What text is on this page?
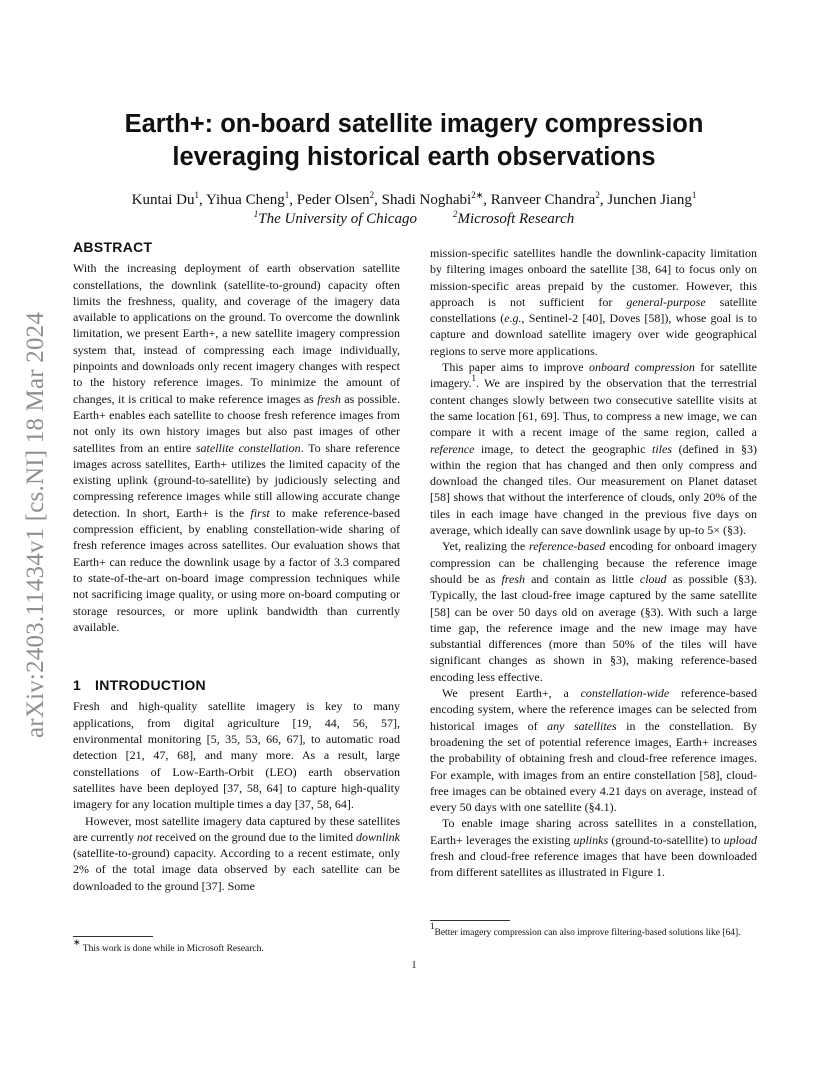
arXiv:2403.11434v1 [cs.NI] 18 Mar 2024
Earth+: on-board satellite imagery compression
leveraging historical earth observations
Kuntai Du$^1$, Yihua Cheng$^1$, Peder Olsen$^2$, Shadi Noghabi$^{2∗}$, Ranveer Chandra$^2$, Junchen Jiang$^1$
$^1$The University of Chicago	$^2$Microsoft Research
ABSTRACT

With the increasing deployment of earth observation satellite constellations, the downlink (satellite-to-ground) capacity often limits the freshness, quality, and coverage of the imagery data available to applications on the ground. To overcome the downlink limitation, we present Earth+, a new satellite imagery compression system that, instead of compressing each image individually, pinpoints and downloads only recent imagery changes with respect to the history reference images. To minimize the amount of changes, it is critical to make reference images as fresh as possible. Earth+ enables each satellite to choose fresh reference images from not only its own history images but also past images of other satellites from an entire satellite constellation. To share reference images across satellites, Earth+ utilizes the limited capacity of the existing uplink (ground-to-satellite) by judiciously selecting and compressing reference images while still allowing accurate change detection. In short, Earth+ is the first to make reference-based compression efficient, by enabling constellation-wide sharing of fresh reference images across satellites. Our evaluation shows that Earth+ can reduce the downlink usage by a factor of 3.3 compared to state-of-the-art on-board image compression techniques while not sacrificing image quality, or using more on-board computing or storage resources, or more uplink bandwidth than currently available.

1 INTRODUCTION

Fresh and high-quality satellite imagery is key to many applications, from digital agriculture [19, 44, 56, 57], environmental monitoring [5, 35, 53, 66, 67], to automatic road detection [21, 47, 68], and many more. As a result, large constellations of Low-Earth-Orbit (LEO) earth observation satellites have been deployed [37, 58, 64] to capture high-quality imagery for any location multiple times a day [37, 58, 64].

However, most satellite imagery data captured by these satellites are currently not received on the ground due to the limited downlink (satellite-to-ground) capacity. According to a recent estimate, only 2% of the total image data observed by each satellite can be downloaded to the ground [37]. Some

mission-specific satellites handle the downlink-capacity limitation by filtering images onboard the satellite [38, 64] to focus only on mission-specific areas prepaid by the customer. However, this approach is not sufficient for general-purpose satellite constellations (e.g., Sentinel-2 [40], Doves [58]), whose goal is to capture and download satellite imagery over wide geographical regions to serve more applications.

This paper aims to improve onboard compression for satellite imagery.$^1$. We are inspired by the observation that the terrestrial content changes slowly between two consecutive satellite visits at the same location [61, 69]. Thus, to compress a new image, we can compare it with a recent image of the same region, called a reference image, to detect the geographic tiles (defined in §3) within the region that has changed and then only compress and download the changed tiles. Our measurement on Planet dataset [58] shows that without the interference of clouds, only 20% of the tiles in each image have changed in the previous five days on average, which ideally can save downlink usage by up-to 5× (§3).

Yet, realizing the reference-based encoding for onboard imagery compression can be challenging because the reference image should be as fresh and contain as little cloud as possible (§3). Typically, the last cloud-free image captured by the same satellite [58] can be over 50 days old on average (§3). With such a large time gap, the reference image and the new image may have substantial differences (more than 50% of the tiles will have significant changes as shown in §3), making reference-based encoding less effective.

We present Earth+, a constellation-wide reference-based encoding system, where the reference images can be selected from historical images of any satellites in the constellation. By broadening the set of potential reference images, Earth+ increases the probability of obtaining fresh and cloud-free reference images. For example, with images from an entire constellation [58], cloud-free images can be obtained every 4.21 days on average, instead of every 50 days with one satellite (§4.1).

To enable image sharing across satellites in a constellation, Earth+ leverages the existing uplinks (ground-to-satellite) to upload fresh and cloud-free reference images that have been downloaded from different satellites as illustrated in Figure 1.

∗ This work is done while in Microsoft Research.
$^1$Better imagery compression can also improve filtering-based solutions like [64].
1
